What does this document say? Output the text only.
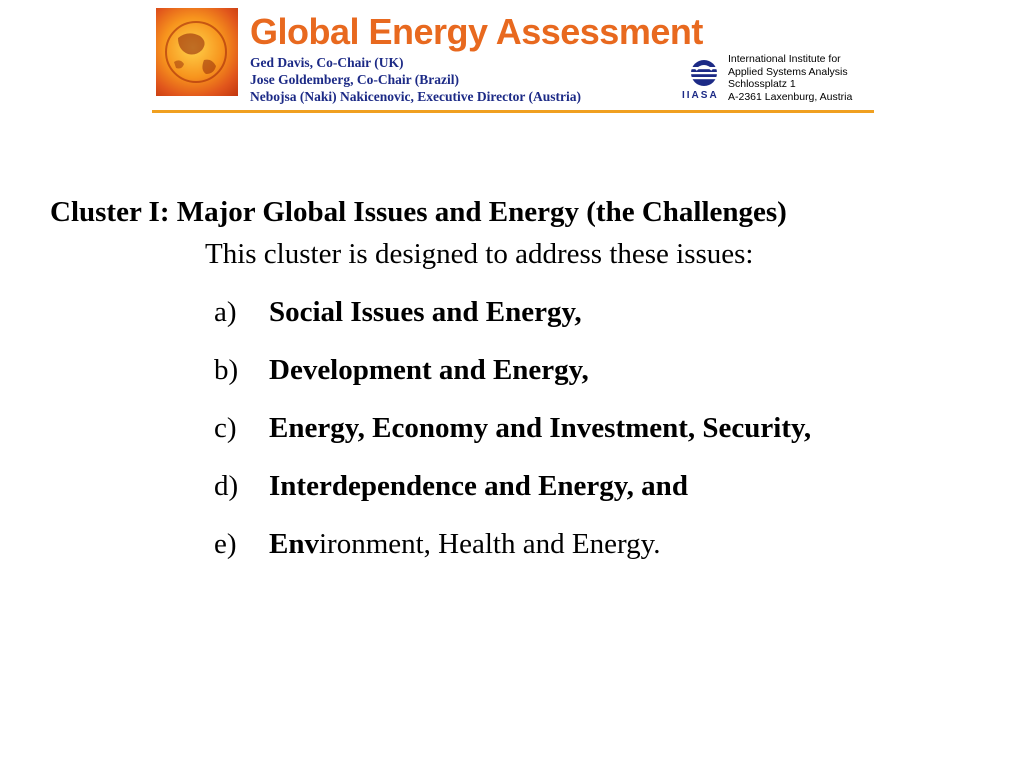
Global Energy Assessment
Ged Davis, Co-Chair (UK)
Jose Goldemberg, Co-Chair (Brazil)
Nebojsa (Naki) Nakicenovic, Executive Director (Austria)	IIASA
International Institute for
Applied Systems Analysis
Schlossplatz 1
A-2361 Laxenburg, Austria
Cluster I: Major Global Issues and Energy (the Challenges)
This cluster is designed to address these issues:
a)	Social Issues and Energy,
b)	Development and Energy,
c)	Energy, Economy and Investment, Security,
d)	Interdependence and Energy, and
e)	Environment, Health and Energy.
